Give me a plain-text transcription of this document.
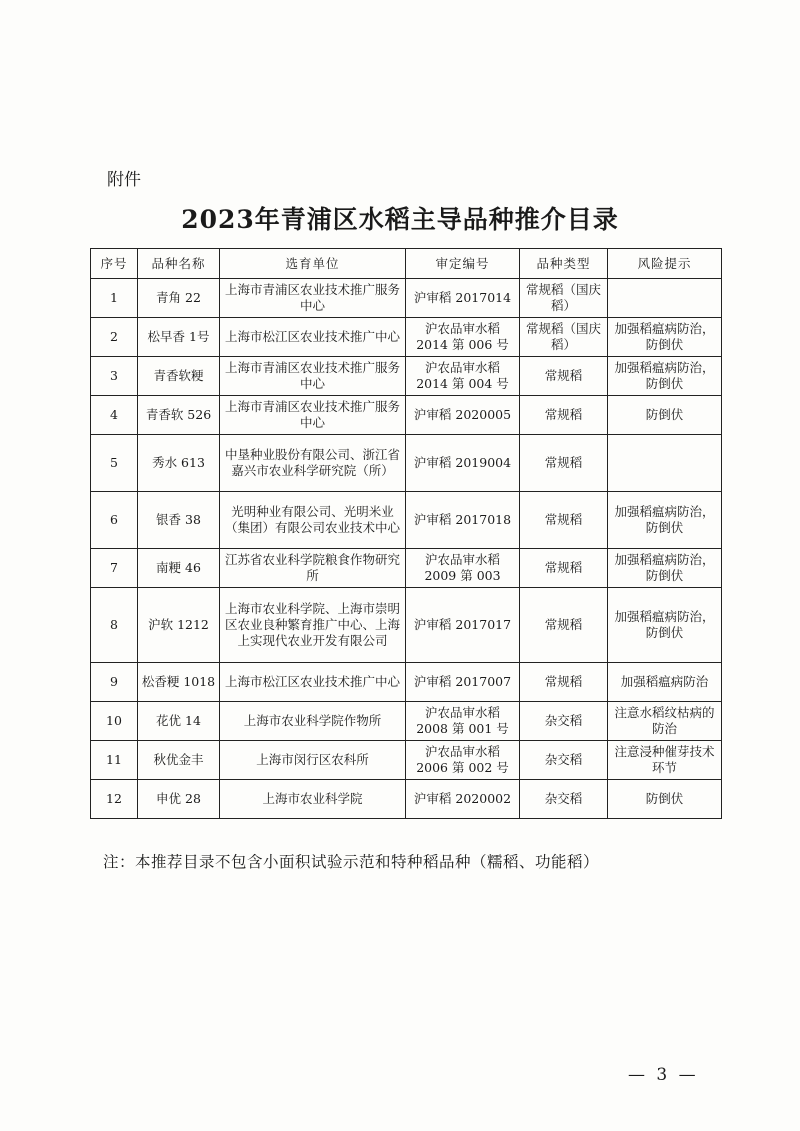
附件
2023年青浦区水稻主导品种推介目录
序号	品种名称	选育单位	审定编号	品种类型	风险提示
1	青角 22	上海市青浦区农业技术推广服务中心	沪审稻 2017014	常规稻（国庆稻）	
2	松早香 1号	上海市松江区农业技术推广中心	沪农品审水稻 2014 第 006 号	常规稻（国庆稻）	加强稻瘟病防治，防倒伏
3	青香软粳	上海市青浦区农业技术推广服务中心	沪农品审水稻 2014 第 004 号	常规稻	加强稻瘟病防治，防倒伏
4	青香软 526	上海市青浦区农业技术推广服务中心	沪审稻 2020005	常规稻	防倒伏
5	秀水 613	中垦种业股份有限公司、浙江省嘉兴市农业科学研究院（所）	沪审稻 2019004	常规稻	
6	银香 38	光明种业有限公司、光明米业（集团）有限公司农业技术中心	沪审稻 2017018	常规稻	加强稻瘟病防治，防倒伏
7	南粳 46	江苏省农业科学院粮食作物研究所	沪农品审水稻 2009 第 003	常规稻	加强稻瘟病防治，防倒伏
8	沪软 1212	上海市农业科学院、上海市崇明区农业良种繁育推广中心、上海上实现代农业开发有限公司	沪审稻 2017017	常规稻	加强稻瘟病防治，防倒伏
9	松香粳 1018	上海市松江区农业技术推广中心	沪审稻 2017007	常规稻	加强稻瘟病防治
10	花优 14	上海市农业科学院作物所	沪农品审水稻 2008 第 001 号	杂交稻	注意水稻纹枯病的防治
11	秋优金丰	上海市闵行区农科所	沪农品审水稻 2006 第 002 号	杂交稻	注意浸种催芽技术环节
12	申优 28	上海市农业科学院	沪审稻 2020002	杂交稻	防倒伏
注：本推荐目录不包含小面积试验示范和特种稻品种（糯稻、功能稻）
— 3 —
